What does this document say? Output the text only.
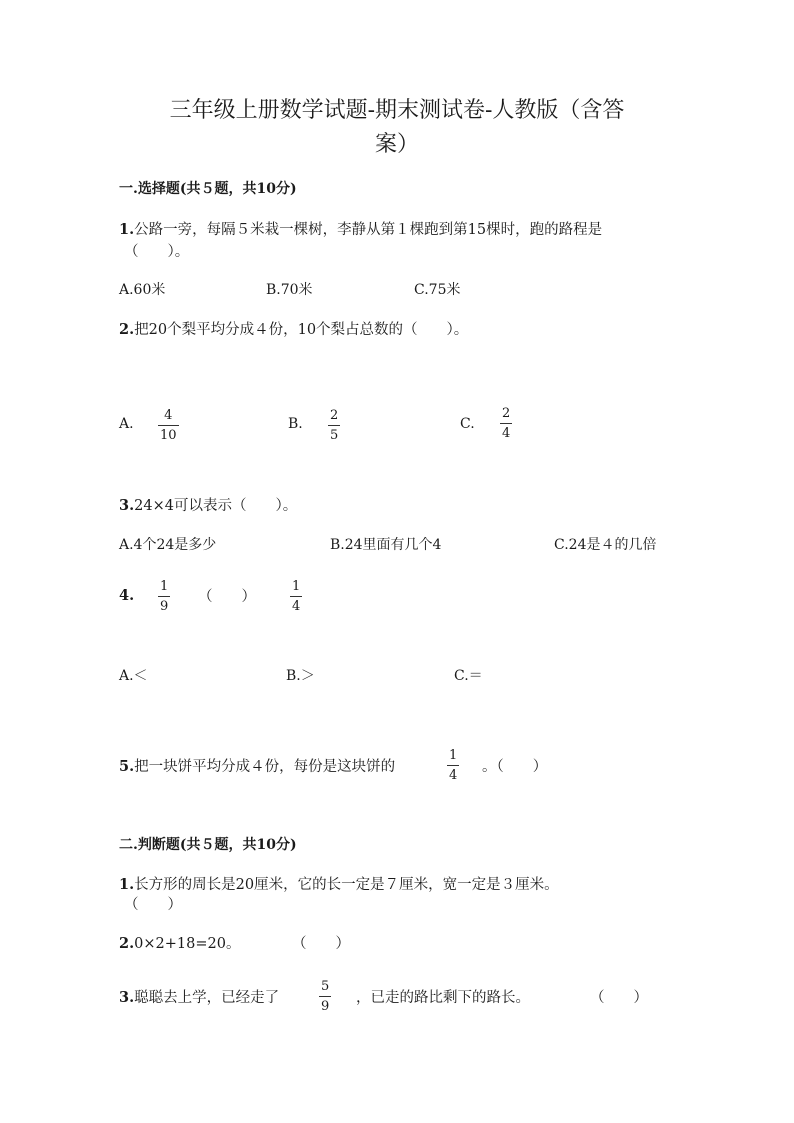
三年级上册数学试题-期末测试卷-人教版（含答
案）
一.选择题(共５题，共10分)
1.公路一旁，每隔５米栽一棵树，李静从第１棵跑到第15棵时，跑的路程是
（　　）。
A.60米	B.70米	C.75米
2.把20个梨平均分成４份，10个梨占总数的（　　）。
A.
4
10
B.
2
5
C.
2
4
3.24×4可以表示（　　）。
A.4个24是多少	B.24里面有几个4	C.24是４的几倍
4.
1
9
（　　）
1
4
A.＜	B.＞	C.＝
5.把一块饼平均分成４份，每份是这块饼的
1
4
。（　　）
二.判断题(共５题，共10分)
1.长方形的周长是20厘米，它的长一定是７厘米，宽一定是３厘米。
（　　）
2.0×2+18=20。	（　　）
3.聪聪去上学，已经走了
5
9
，已走的路比剩下的路长。	（　　）
